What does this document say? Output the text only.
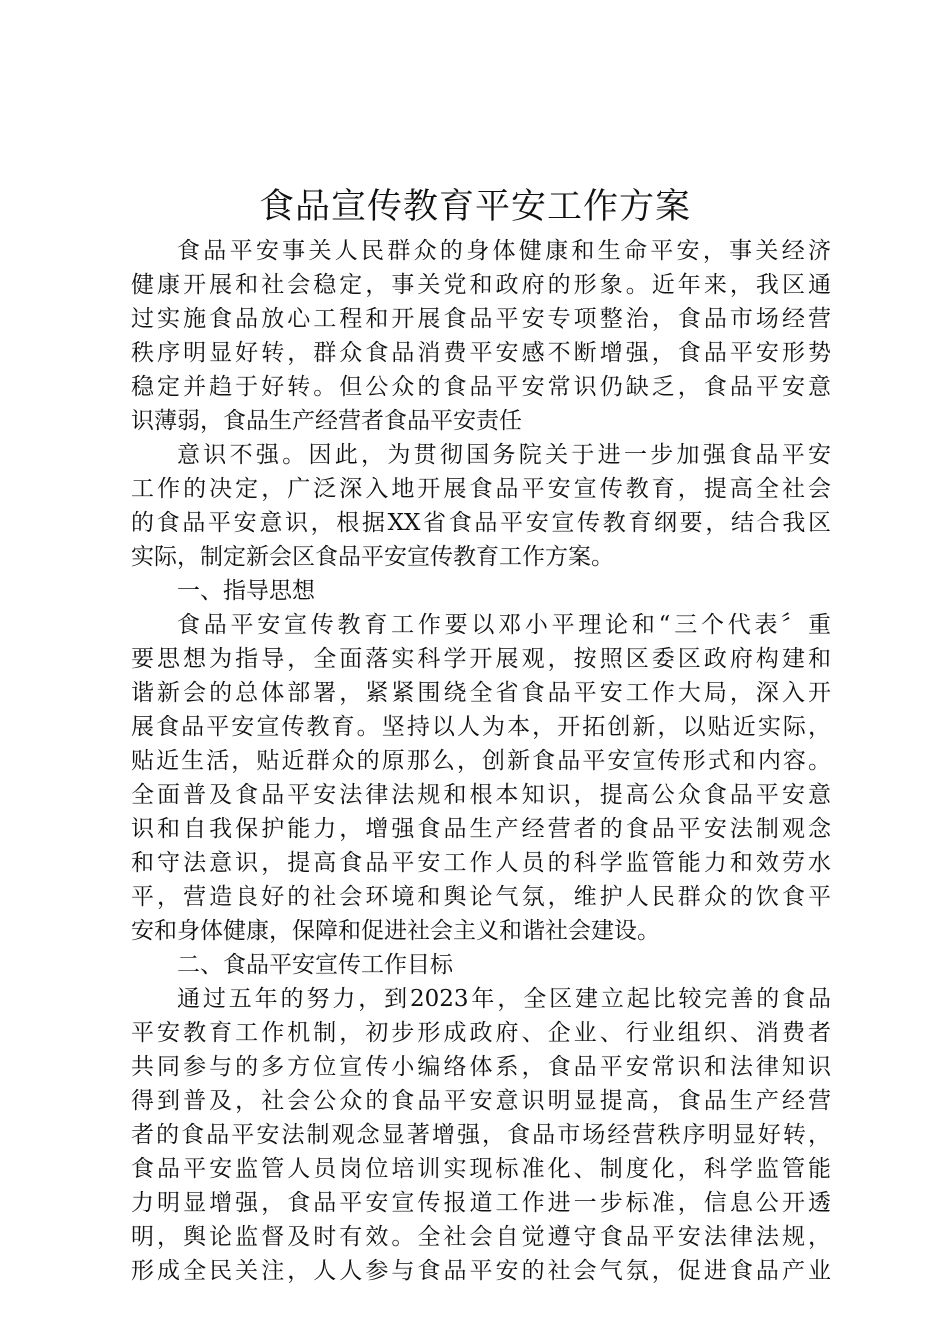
食品宣传教育平安工作方案
食品平安事关人民群众的身体健康和生命平安，事关经济
健康开展和社会稳定，事关党和政府的形象。近年来，我区通
过实施食品放心工程和开展食品平安专项整治，食品市场经营
秩序明显好转，群众食品消费平安感不断增强，食品平安形势
稳定并趋于好转。但公众的食品平安常识仍缺乏，食品平安意
识薄弱，食品生产经营者食品平安责任
意识不强。因此，为贯彻国务院关于进一步加强食品平安
工作的决定，广泛深入地开展食品平安宣传教育，提高全社会
的食品平安意识，根据XX省食品平安宣传教育纲要，结合我区
实际，制定新会区食品平安宣传教育工作方案。
一、指导思想
食品平安宣传教育工作要以邓小平理论和“三个代表〞重
要思想为指导，全面落实科学开展观，按照区委区政府构建和
谐新会的总体部署，紧紧围绕全省食品平安工作大局，深入开
展食品平安宣传教育。坚持以人为本，开拓创新，以贴近实际，
贴近生活，贴近群众的原那么，创新食品平安宣传形式和内容。
全面普及食品平安法律法规和根本知识，提高公众食品平安意
识和自我保护能力，增强食品生产经营者的食品平安法制观念
和守法意识，提高食品平安工作人员的科学监管能力和效劳水
平，营造良好的社会环境和舆论气氛，维护人民群众的饮食平
安和身体健康，保障和促进社会主义和谐社会建设。
二、食品平安宣传工作目标
通过五年的努力，到2023年，全区建立起比较完善的食品
平安教育工作机制，初步形成政府、企业、行业组织、消费者
共同参与的多方位宣传小编络体系，食品平安常识和法律知识
得到普及，社会公众的食品平安意识明显提高，食品生产经营
者的食品平安法制观念显著增强，食品市场经营秩序明显好转，
食品平安监管人员岗位培训实现标准化、制度化，科学监管能
力明显增强，食品平安宣传报道工作进一步标准，信息公开透
明，舆论监督及时有效。全社会自觉遵守食品平安法律法规，
形成全民关注，人人参与食品平安的社会气氛，促进食品产业
